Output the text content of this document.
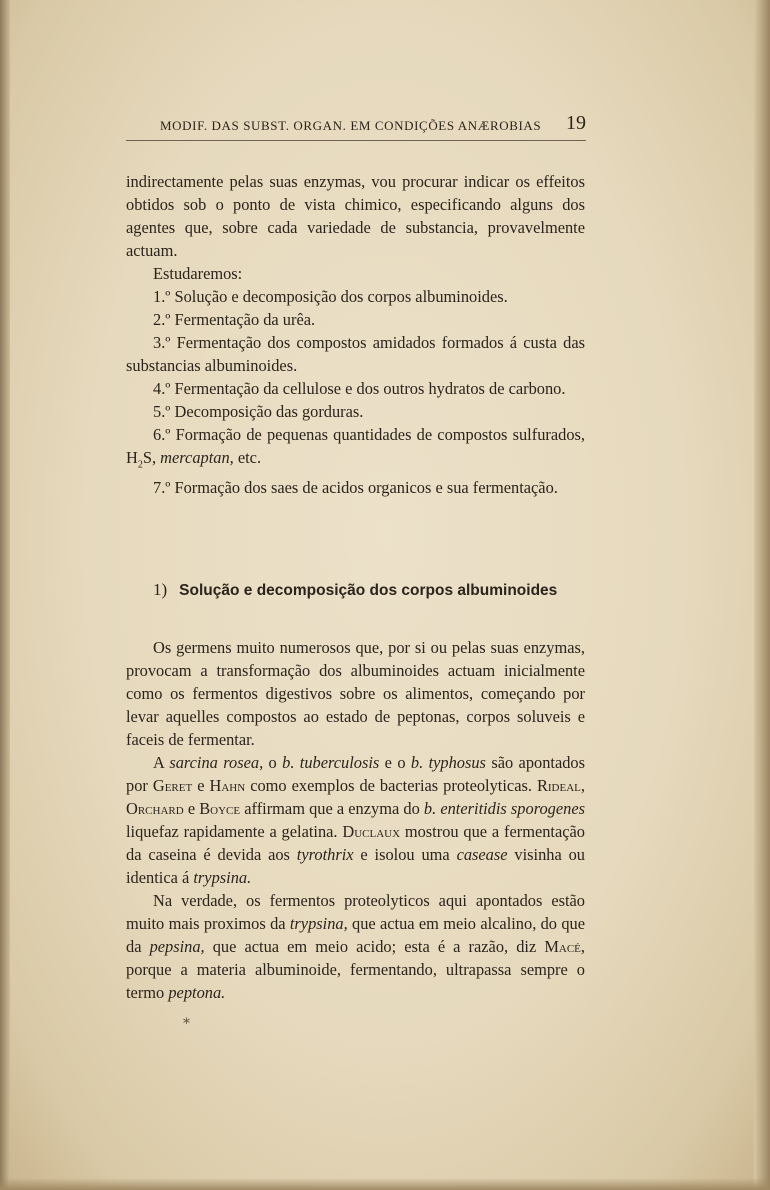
MODIF. DAS SUBST. ORGAN. EM CONDIÇÕES ANÆROBIAS 19

indirectamente pelas suas enzymas, vou procurar indicar os effeitos obtidos sob o ponto de vista chimico, especificando alguns dos agentes que, sobre cada variedade de substancia, provavelmente actuam.

Estudaremos:

1.º Solução e decomposição dos corpos albuminoides.

2.º Fermentação da urêa.

3.º Fermentação dos compostos amidados formados á custa das substancias albuminoides.

4.º Fermentação da cellulose e dos outros hydratos de carbono.

5.º Decomposição das gorduras.

6.º Formação de pequenas quantidades de compostos sulfurados, $H_2S$, mercaptan, etc.

7.º Formação dos saes de acidos organicos e sua fermentação.

1) Solução e decomposição dos corpos albuminoides

Os germens muito numerosos que, por si ou pelas suas enzymas, provocam a transformação dos albuminoides actuam inicialmente como os fermentos digestivos sobre os alimentos, começando por levar aquelles compostos ao estado de peptonas, corpos soluveis e faceis de fermentar.

A sarcina rosea, o b. tuberculosis e o b. typhosus são apontados por Geret e Hahn como exemplos de bacterias proteolyticas. Rideal, Orchard e Boyce affirmam que a enzyma do b. enteritidis sporogenes liquefaz rapidamente a gelatina. Duclaux mostrou que a fermentação da caseina é devida aos tyrothrix e isolou uma casease visinha ou identica á trypsina.

Na verdade, os fermentos proteolyticos aqui apontados estão muito mais proximos da trypsina, que actua em meio alcalino, do que da pepsina, que actua em meio acido; esta é a razão, diz Macé, porque a materia albuminoide, fermentando, ultrapassa sempre o termo peptona.

*
